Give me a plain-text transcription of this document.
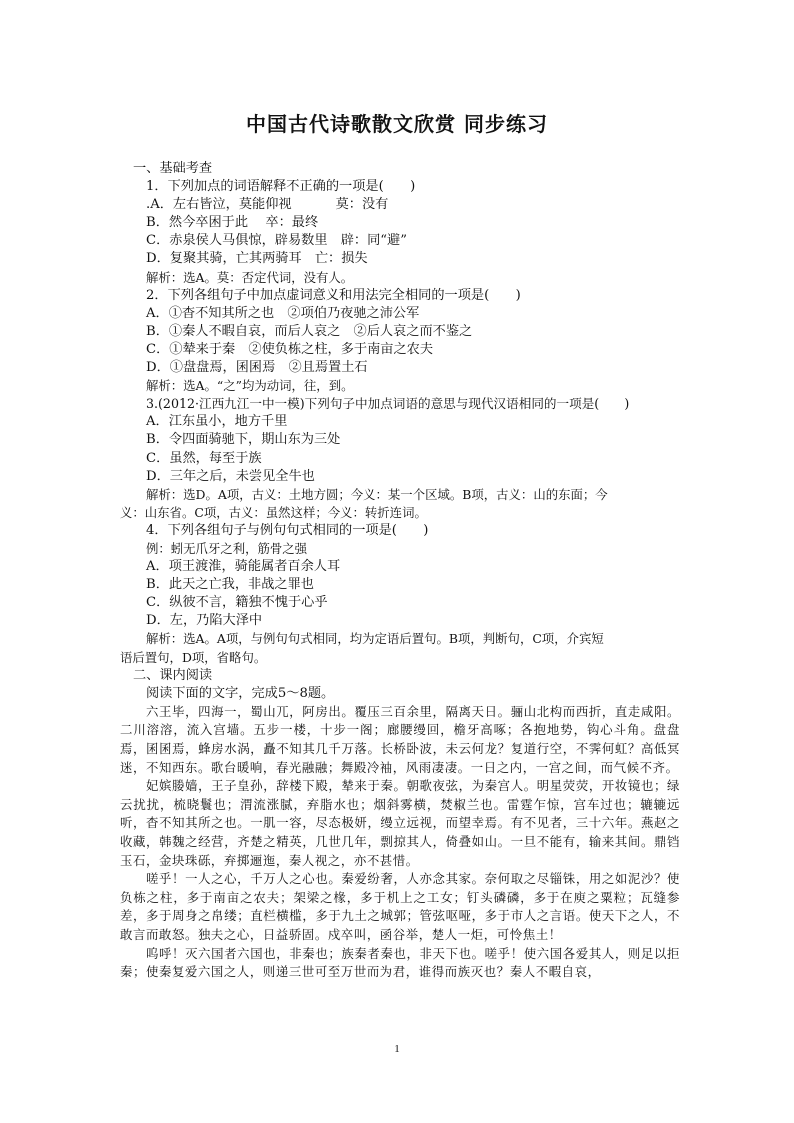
中国古代诗歌散文欣赏 同步练习
一、基础考查
1．下列加点的词语解释不正确的一项是(　　)
.A．左右皆泣，莫能仰视	莫：没有
B．然今卒困于此　 卒：最终
C．赤泉侯人马俱惊，辟易数里　辟：同“避”
D．复聚其骑，亡其两骑耳　亡：损失
解析：选A。莫：否定代词，没有人。
2．下列各组句子中加点虚词意义和用法完全相同的一项是(　　)
A．①杳不知其所之也　②项伯乃夜驰之沛公军
B．①秦人不暇自哀，而后人哀之　②后人哀之而不鉴之
C．①辇来于秦　②使负栋之柱，多于南亩之农夫
D．①盘盘焉，囷囷焉　②且焉置土石
解析：选A。“之”均为动词，往，到。
3.(2012·江西九江一中一模)下列句子中加点词语的意思与现代汉语相同的一项是(　　)
A．江东虽小，地方千里
B．令四面骑驰下，期山东为三处
C．虽然，每至于族
D．三年之后，未尝见全牛也
解析：选D。A项，古义：土地方圆；今义：某一个区域。B项，古义：山的东面；今
义：山东省。C项，古义：虽然这样；今义：转折连词。
4．下列各组句子与例句句式相同的一项是(　　)
例：蚓无爪牙之利，筋骨之强
A．项王渡淮，骑能属者百余人耳
B．此天之亡我，非战之罪也
C．纵彼不言，籍独不愧于心乎
D．左，乃陷大泽中
解析：选A。A项，与例句句式相同，均为定语后置句。B项，判断句，C项，介宾短
语后置句，D项，省略句。
二、课内阅读
阅读下面的文字，完成5～8题。

六王毕，四海一，蜀山兀，阿房出。覆压三百余里，隔离天日。骊山北构而西折，直走咸阳。二川溶溶，流入宫墙。五步一楼，十步一阁；廊腰缦回，檐牙高啄；各抱地势，钩心斗角。盘盘焉，囷囷焉，蜂房水涡，矗不知其几千万落。长桥卧波，未云何龙？复道行空，不霁何虹？高低冥迷，不知西东。歌台暖响，春光融融；舞殿冷袖，风雨凄凄。一日之内，一宫之间，而气候不齐。

妃嫔媵嫱，王子皇孙，辞楼下殿，辇来于秦。朝歌夜弦，为秦宫人。明星荧荧，开妆镜也；绿云扰扰，梳晓鬟也；渭流涨腻，弃脂水也；烟斜雾横，焚椒兰也。雷霆乍惊，宫车过也；辘辘远听，杳不知其所之也。一肌一容，尽态极妍，缦立远视，而望幸焉。有不见者，三十六年。燕赵之收藏，韩魏之经营，齐楚之精英，几世几年，剽掠其人，倚叠如山。一旦不能有，输来其间。鼎铛玉石，金块珠砾，弃掷逦迤，秦人视之，亦不甚惜。

嗟乎！一人之心，千万人之心也。秦爱纷奢，人亦念其家。奈何取之尽锱铢，用之如泥沙？使负栋之柱，多于南亩之农夫；架梁之椽，多于机上之工女；钉头磷磷，多于在庾之粟粒；瓦缝参差，多于周身之帛缕；直栏横槛，多于九土之城郭；管弦呕哑，多于市人之言语。使天下之人，不敢言而敢怒。独夫之心，日益骄固。戍卒叫，函谷举，楚人一炬，可怜焦土！

呜呼！灭六国者六国也，非秦也；族秦者秦也，非天下也。嗟乎！使六国各爱其人，则足以拒秦；使秦复爱六国之人，则递三世可至万世而为君，谁得而族灭也？秦人不暇自哀，

1
